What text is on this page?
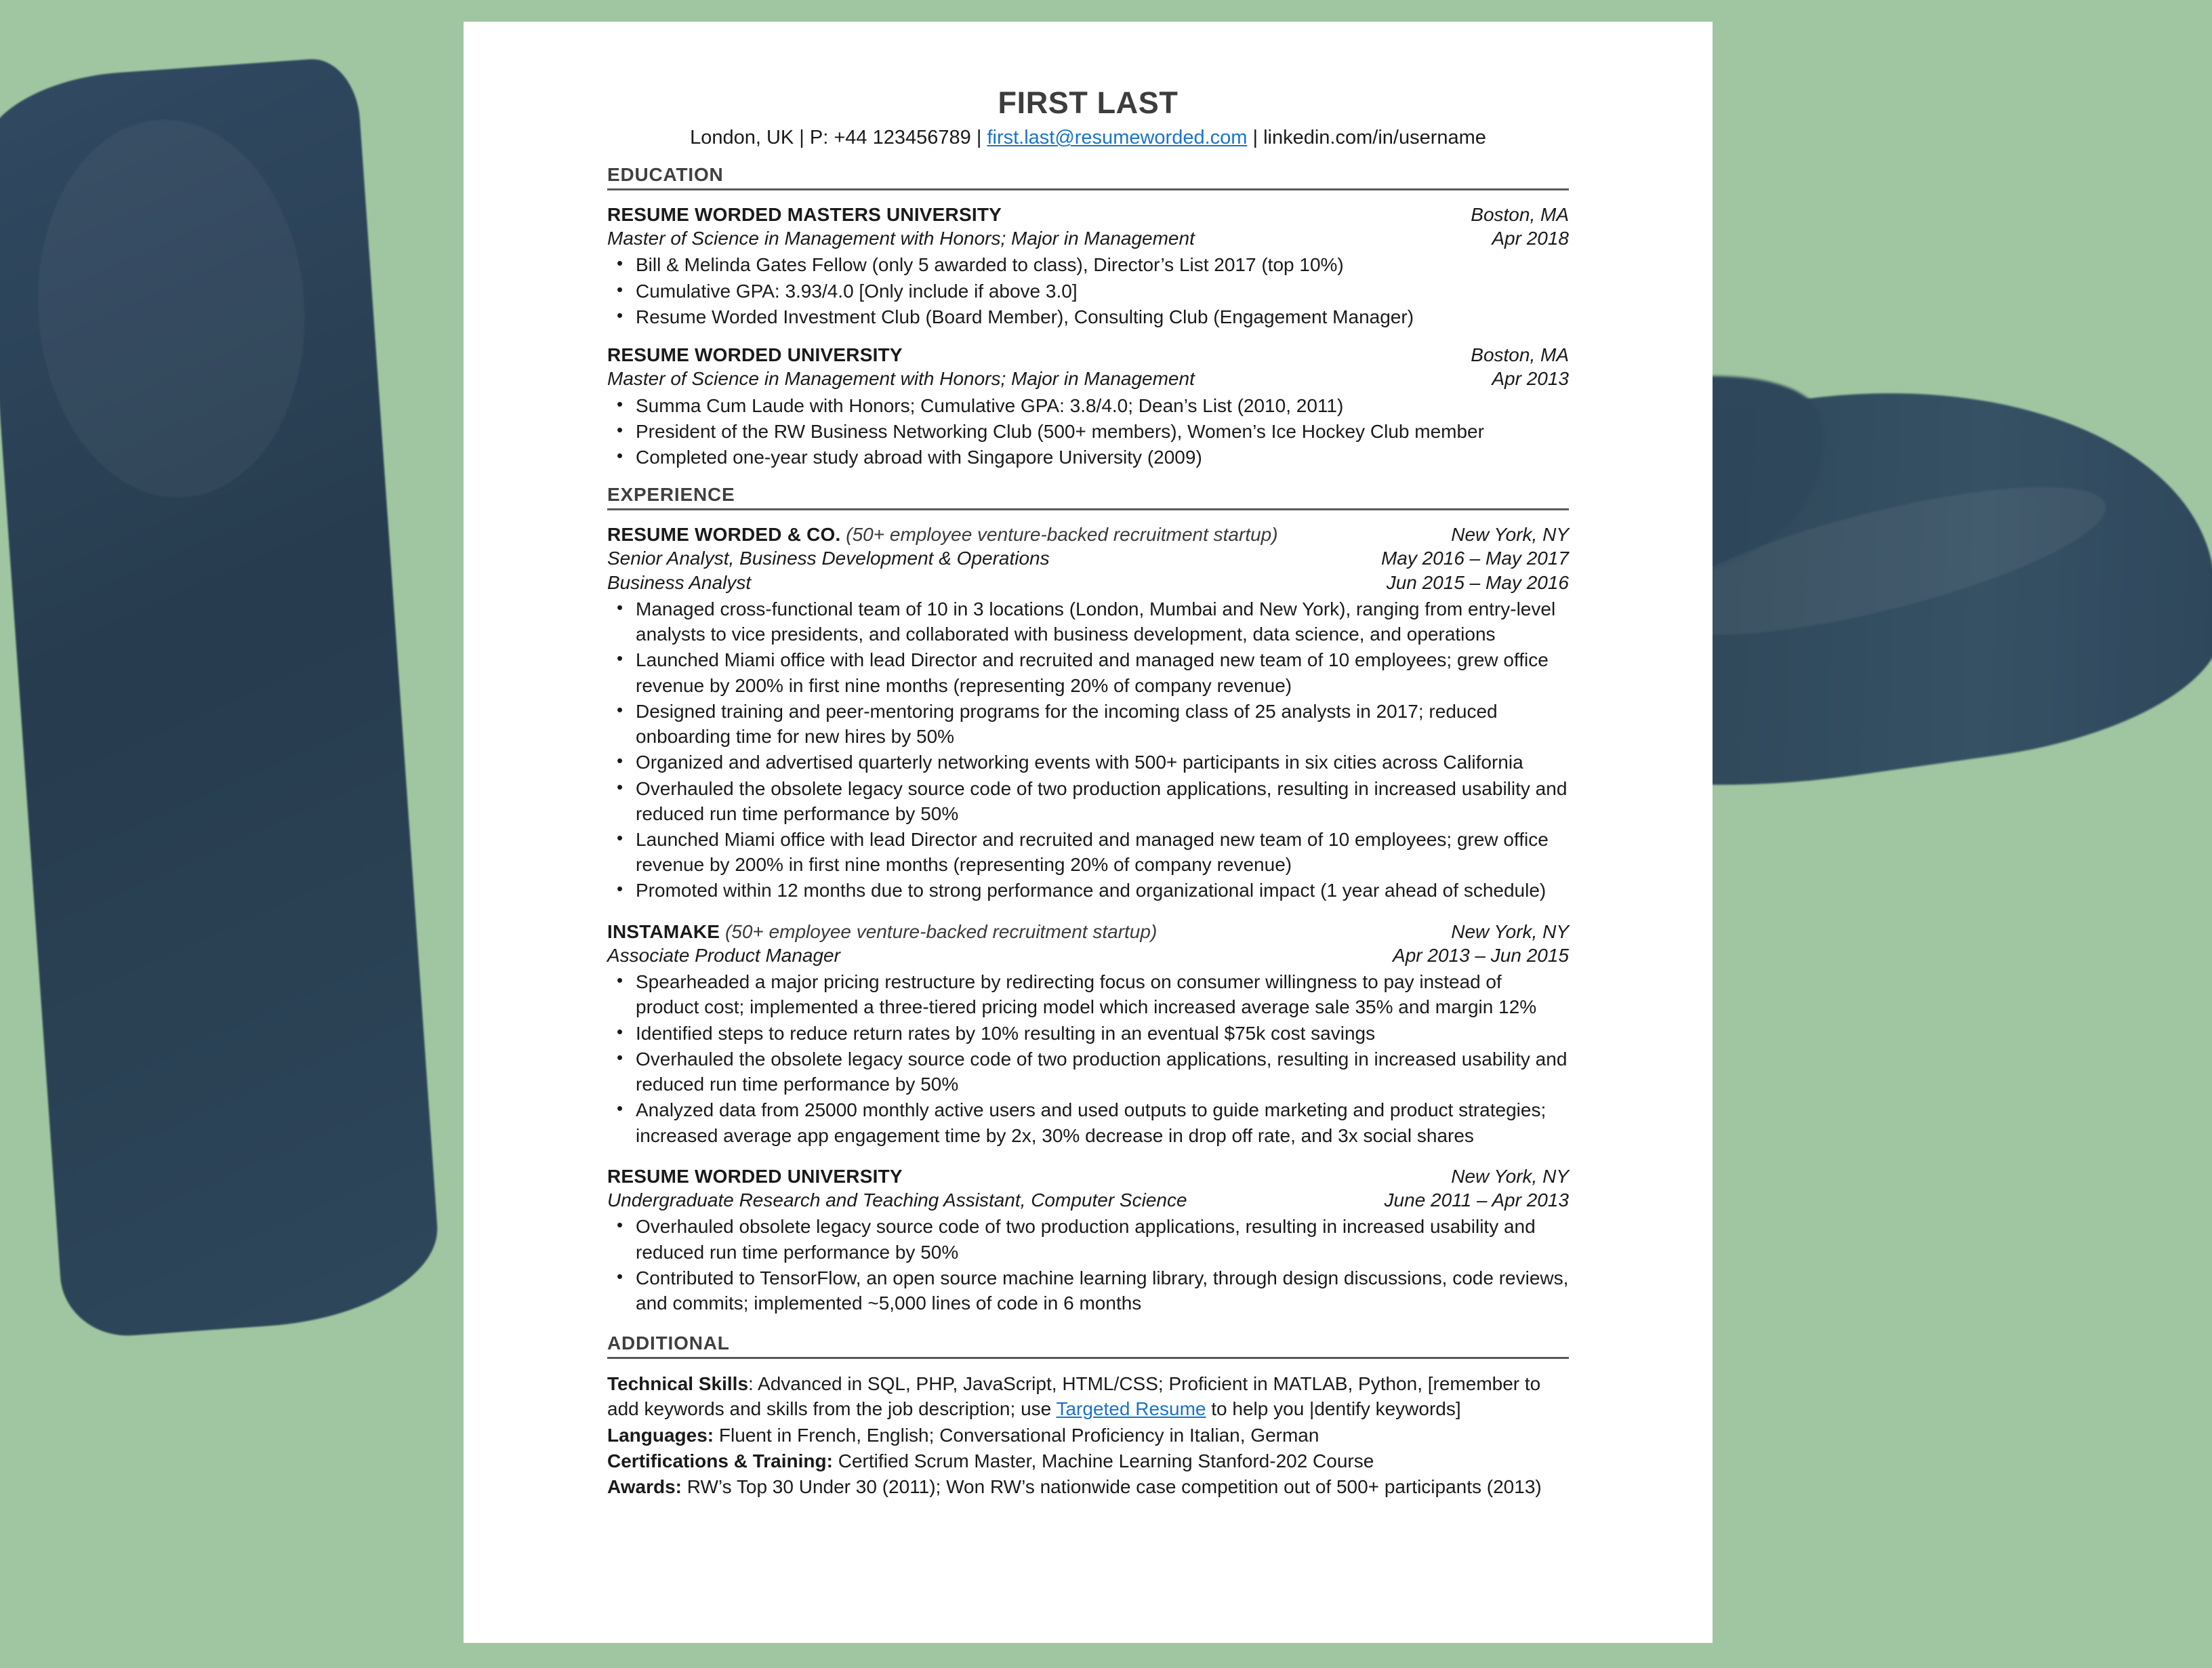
FIRST LAST
London, UK | P: +44 123456789 | first.last@resumeworded.com | linkedin.com/in/username
EDUCATION
RESUME WORDED MASTERS UNIVERSITY	Boston, MA
Master of Science in Management with Honors; Major in Management	Apr 2018
• Bill & Melinda Gates Fellow (only 5 awarded to class), Director’s List 2017 (top 10%)
• Cumulative GPA: 3.93/4.0 [Only include if above 3.0]
• Resume Worded Investment Club (Board Member), Consulting Club (Engagement Manager)
RESUME WORDED UNIVERSITY	Boston, MA
Master of Science in Management with Honors; Major in Management	Apr 2013
• Summa Cum Laude with Honors; Cumulative GPA: 3.8/4.0; Dean’s List (2010, 2011)
• President of the RW Business Networking Club (500+ members), Women’s Ice Hockey Club member
• Completed one-year study abroad with Singapore University (2009)
EXPERIENCE
RESUME WORDED & CO. (50+ employee venture-backed recruitment startup)	New York, NY
Senior Analyst, Business Development & Operations	May 2016 – May 2017
Business Analyst	Jun 2015 – May 2016
• Managed cross-functional team of 10 in 3 locations (London, Mumbai and New York), ranging from entry-level analysts to vice presidents, and collaborated with business development, data science, and operations
• Launched Miami office with lead Director and recruited and managed new team of 10 employees; grew office revenue by 200% in first nine months (representing 20% of company revenue)
• Designed training and peer-mentoring programs for the incoming class of 25 analysts in 2017; reduced onboarding time for new hires by 50%
• Organized and advertised quarterly networking events with 500+ participants in six cities across California
• Overhauled the obsolete legacy source code of two production applications, resulting in increased usability and reduced run time performance by 50%
• Launched Miami office with lead Director and recruited and managed new team of 10 employees; grew office revenue by 200% in first nine months (representing 20% of company revenue)
• Promoted within 12 months due to strong performance and organizational impact (1 year ahead of schedule)
INSTAMAKE (50+ employee venture-backed recruitment startup)	New York, NY
Associate Product Manager	Apr 2013 – Jun 2015
• Spearheaded a major pricing restructure by redirecting focus on consumer willingness to pay instead of product cost; implemented a three-tiered pricing model which increased average sale 35% and margin 12%
• Identified steps to reduce return rates by 10% resulting in an eventual $75k cost savings
• Overhauled the obsolete legacy source code of two production applications, resulting in increased usability and reduced run time performance by 50%
• Analyzed data from 25000 monthly active users and used outputs to guide marketing and product strategies; increased average app engagement time by 2x, 30% decrease in drop off rate, and 3x social shares
RESUME WORDED UNIVERSITY	New York, NY
Undergraduate Research and Teaching Assistant, Computer Science	June 2011 – Apr 2013
• Overhauled obsolete legacy source code of two production applications, resulting in increased usability and reduced run time performance by 50%
• Contributed to TensorFlow, an open source machine learning library, through design discussions, code reviews, and commits; implemented ~5,000 lines of code in 6 months
ADDITIONAL
Technical Skills: Advanced in SQL, PHP, JavaScript, HTML/CSS; Proficient in MATLAB, Python, [remember to add keywords and skills from the job description; use Targeted Resume to help you |dentify keywords]
Languages: Fluent in French, English; Conversational Proficiency in Italian, German
Certifications & Training: Certified Scrum Master, Machine Learning Stanford-202 Course
Awards: RW’s Top 30 Under 30 (2011); Won RW’s nationwide case competition out of 500+ participants (2013)
